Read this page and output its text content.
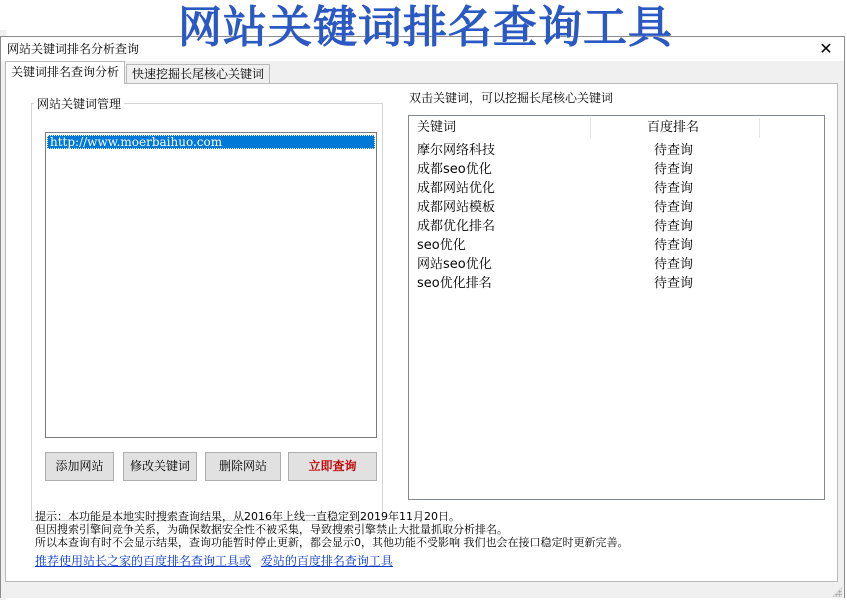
网站关键词排名查询工具
网站关键词排名分析查询	✕
关键词排名查询分析	快速挖掘长尾核心关键词
网站关键词管理
http://www.moerbaihuo.com
添加网站	修改关键词	删除网站	立即查询
双击关键词，可以挖掘长尾核心关键词
关键词	百度排名
摩尔网络科技	待查询
成都seo优化	待查询
成都网站优化	待查询
成都网站模板	待查询
成都优化排名	待查询
seo优化	待查询
网站seo优化	待查询
seo优化排名	待查询
提示：本功能是本地实时搜索查询结果，从2016年上线一直稳定到2019年11月20日。
但因搜索引擎间竞争关系，为确保数据安全性不被采集，导致搜索引擎禁止大批量抓取分析排名。
所以本查询有时不会显示结果，查询功能暂时停止更新，都会显示0，其他功能不受影响 我们也会在接口稳定时更新完善。
推荐使用站长之家的百度排名查询工具或 爱站的百度排名查询工具
